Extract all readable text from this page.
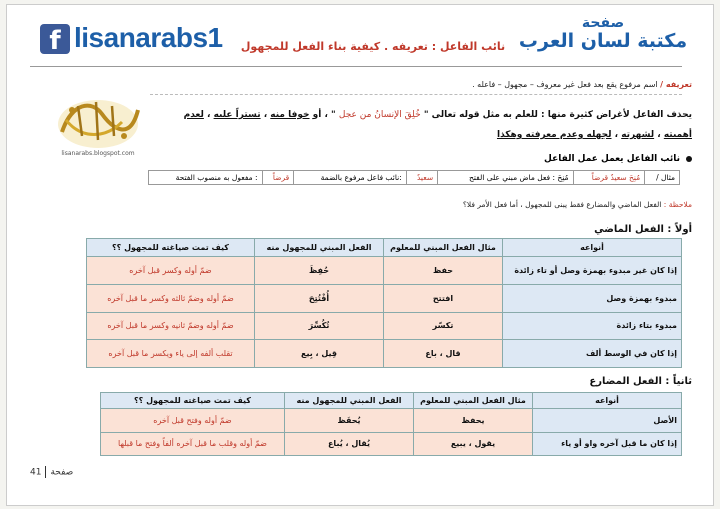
f lisanarabs1	صفحة
مكتبة لسان العرب
نائب الفاعل : تعريفه . كيفية بناء الفعل للمجهول
تعريفه / اسم مرفوع يقع بعد فعل غير معروف – مجهول – فاعله .
lisanarabs.blogspot.com
يحذف الفاعل لأغراض كثيرة منها : للعلم به مثل قوله تعالى " خُلِقَ الإنسانُ من عجل " ، أو خوفا منه ، تستراً عليه ، لعدم
أهميته ، لشهرته ، لجهله وعدم معرفته وهكذا
نائب الفاعل يعمل عمل الفاعل
مثال /	مُنِحَ سعيدٌ قرضاً	مُنِحَ : فعل ماض مبني على الفتح	سعيدٌ	:نائب فاعل مرفوع بالضمة	قرضاً	: مفعول به منصوب الفتحة
ملاحظة : الفعل الماضي والمضارع فقط يبنى للمجهول ، أما فعل الأمر فلا؟
أولاً : الفعل الماضي
أنواعه	مثال الفعل المبني للمعلوم	الفعل المبني للمجهول منه	كيف تمت صياغته للمجهول ؟؟
إذا كان غير مبدوء بهمزة وصل أو تاء زائدة	حفظ	حُفِظَ	ضمّ أوله وكسر قبل آخره
مبدوء بهمزة وصل	افتتح	أُفْتُتِحَ	ضمّ أوله وضمّ ثالثه وكسر ما قبل آخره
مبدوء بتاء زائدة	تكسّر	تُكُسِّرَ	ضمّ أوله وضمّ ثانيه وكسر ما قبل آخره
إذا كان في الوسط ألف	قال ، باع	قِيل ، بِيع	تقلب ألفه إلى ياء ويكسر ما قبل آخره
ثانياً : الفعل المضارع
أنواعه	مثال الفعل المبني للمعلوم	الفعل المبني للمجهول منه	كيف تمت صياغته للمجهول ؟؟
الأصل	يحفظ	يُحفَظ	ضمّ أوله وفتح قبل آخره
إذا كان ما قبل آخره واو أو ياء	يقول ، يبيع	يُقال ، يُباع	ضمّ أوله وقلب ما قبل آخره ألفاً وفتح ما قبلها
صفحة41
